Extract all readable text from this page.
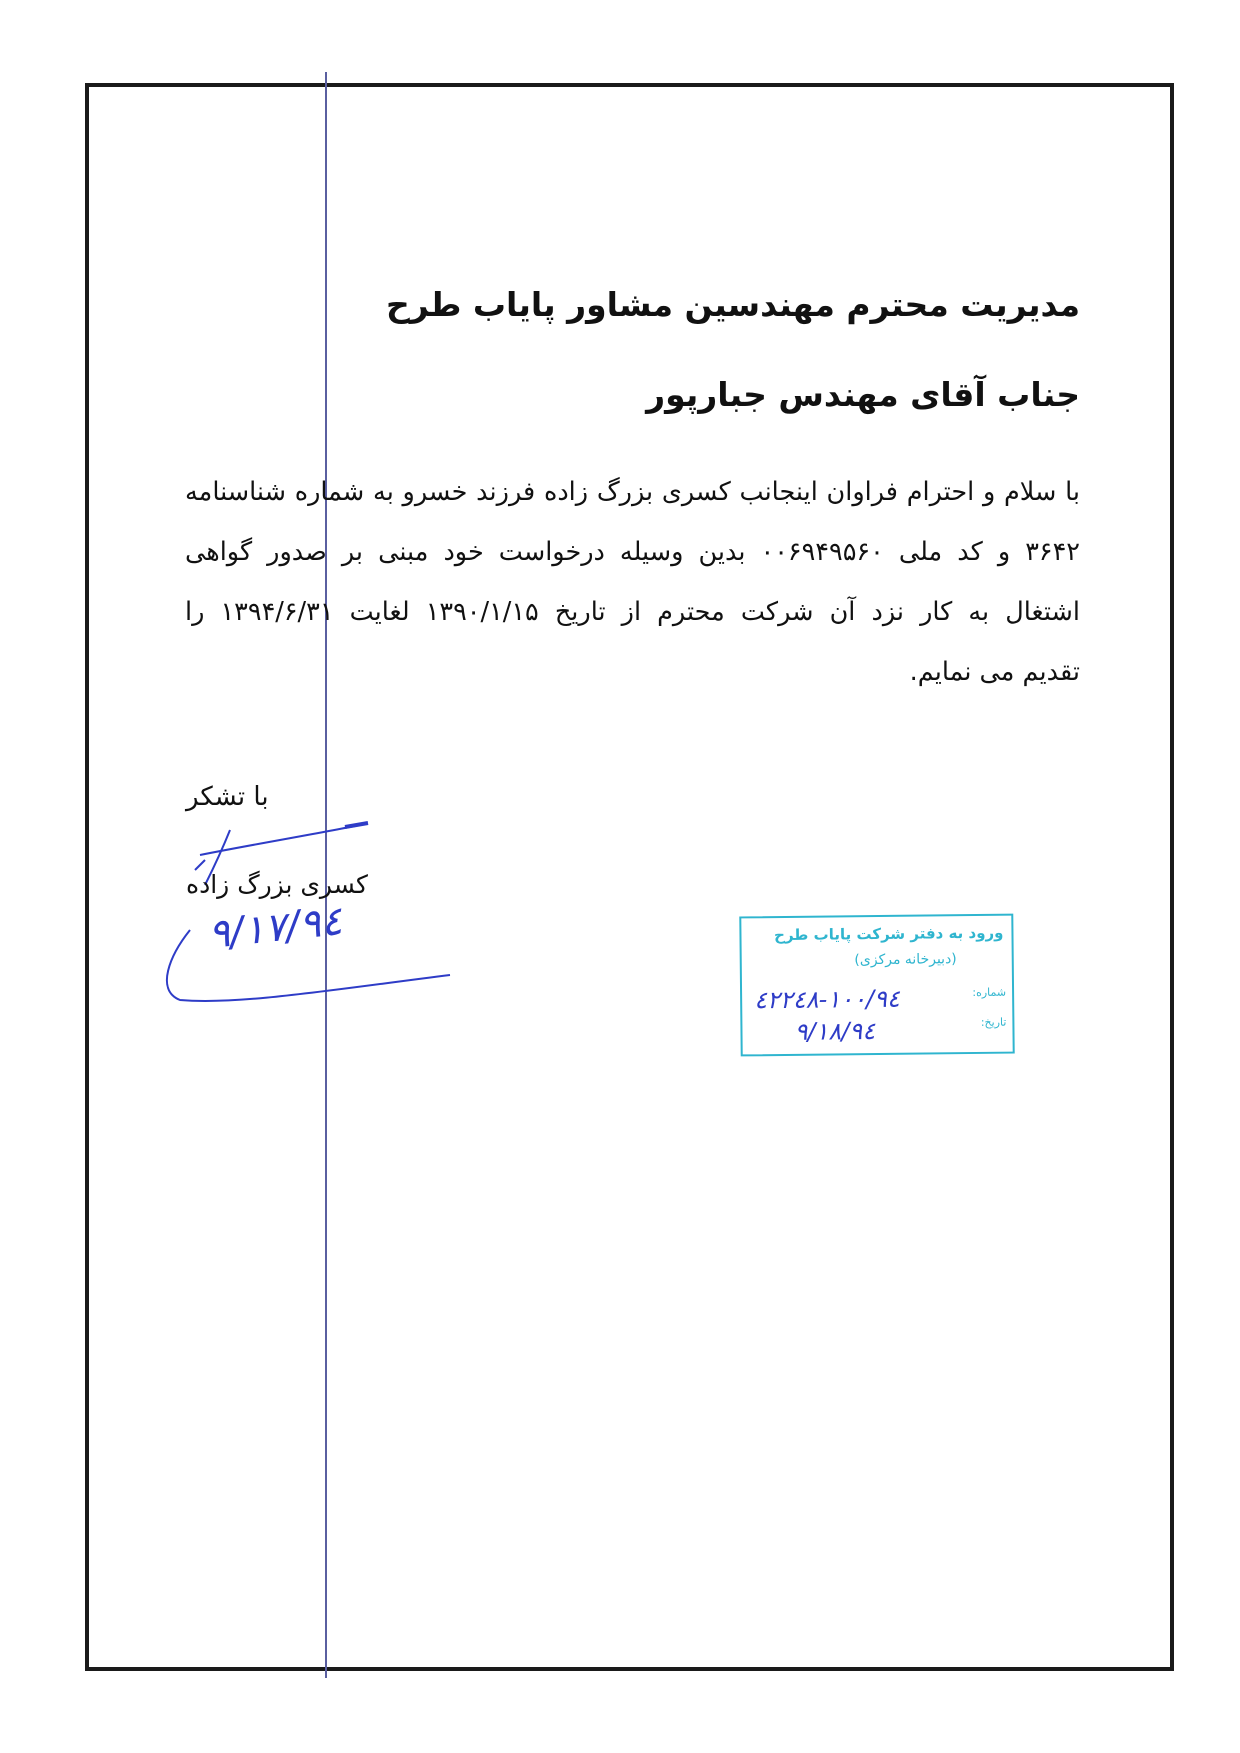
مدیریت محترم مهندسین مشاور پایاب طرح
جناب آقای مهندس جبارپور
با سلام و احترام فراوان اینجانب کسری بزرگ زاده فرزند خسرو به شماره شناسنامه
۳۶۴۲ و کد ملی ۰۰۶۹۴۹۵۶۰ بدین وسیله درخواست خود مبنی بر صدور گواهی
اشتغال به کار نزد آن شرکت محترم از تاریخ ۱۳۹۰/۱/۱۵ لغایت ۱۳۹۴/۶/۳۱ را
تقدیم می نمایم.
با تشکر
کسری بزرگ زاده
۹٤/۹/۱۷	ورود به دفتر شرکت پایاب طرح
(دبیرخانه مرکزی)
شماره:
تاریخ:
۱۰۰/۹٤-٤۲۲٤۸
۹٤/۹/۱۸
